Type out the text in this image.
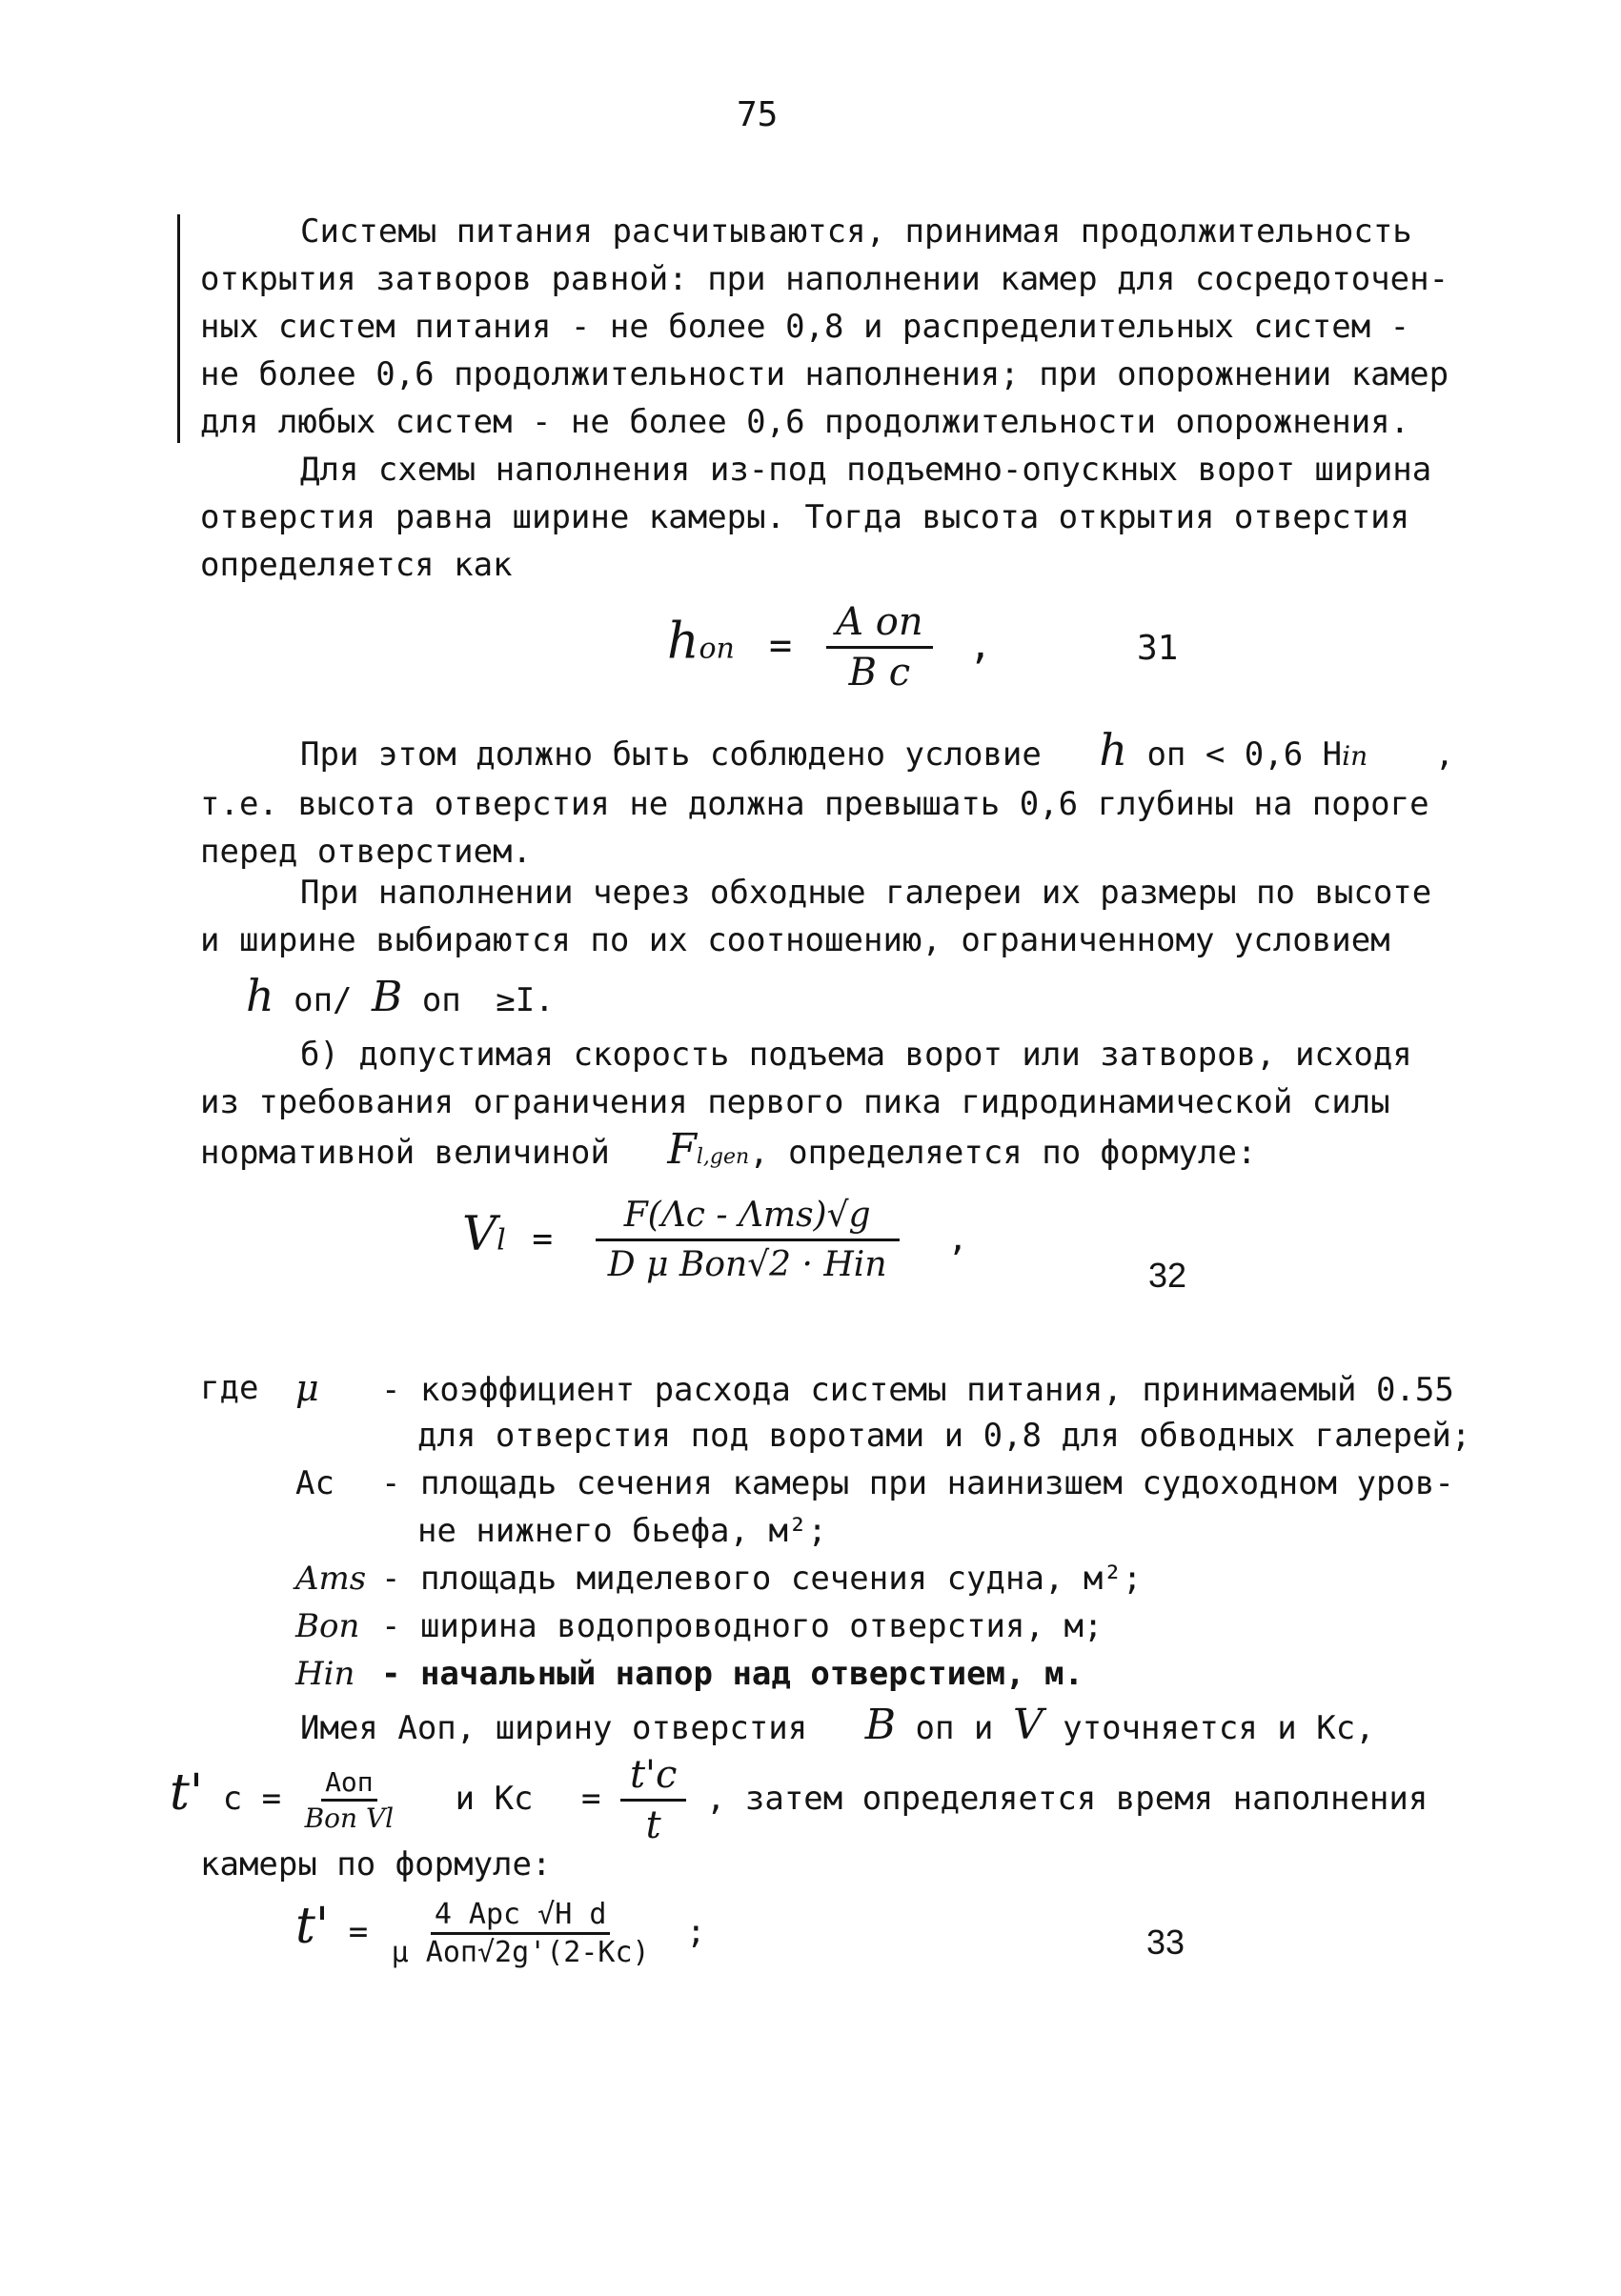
75
Системы питания расчитываются, принимая продолжительность
открытия затворов равной: при наполнении камер для сосредоточен-
ных систем питания - не более 0,8 и распределительных систем -
не более 0,6 продолжительности наполнения; при опорожнении камер
для любых систем - не более 0,6 продолжительности опорожнения.
Для схемы наполнения из-под подъемно-опускных ворот ширина
отверстия равна ширине камеры. Тогда высота открытия отверстия
определяется как
hоп = $\frac{\text{A оп}}{\text{B c}}$ ,	31
При этом должно быть соблюдено условие h оп < 0,6 Hin ,
т.е. высота отверстия не должна превышать 0,6 глубины на пороге
перед отверстием.
При наполнении через обходные галереи их размеры по высоте
и ширине выбираются по их соотношению, ограниченному условием
h оп/ B оп ≥I.
б) допустимая скорость подъема ворот или затворов, исходя
из требования ограничения первого пика гидродинамической силы
нормативной величиной Fl,gen, определяется по формуле:
$Vl = \frac{\text{F(Λc - Λms)√g}}{\text{D μ Bоп√2 · Hin}}$ ,
32
где μ - коэффициент расхода системы питания, принимаемый 0.55
для отверстия под воротами и 0,8 для обводных галерей;
Ac - площадь сечения камеры при наинизшем судоходном уров-
не нижнего бьефа, м²;
Ams - площадь миделевого сечения судна, м²;
Bon - ширина водопроводного отверстия, м;
Hin - начальный напор над отверстием, м.
Имея Аоп, ширину отверстия B оп и V уточняется и Кс,
t' $c = \frac{\text{Aоп}}{\text{Bоп Vl}}$ и Кс = $\frac{t'c}{t}$ , затем определяется время наполнения
камеры по формуле:
$t' = \frac{\text{4 Apc √H d}}{\text{μ Aоп√2g'(2-Kc)}}$ ;	33
